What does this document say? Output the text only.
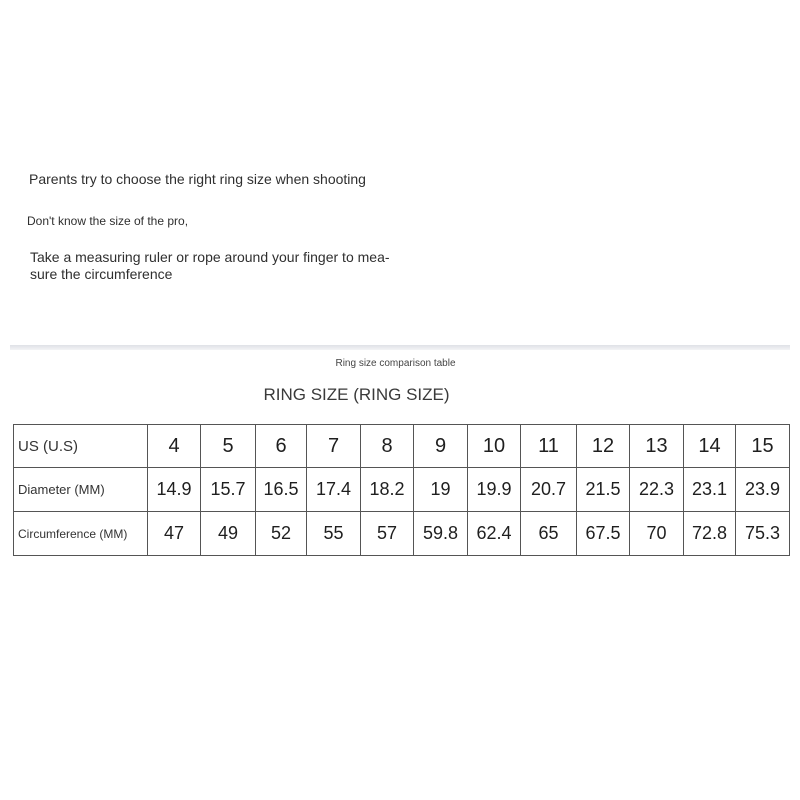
Parents try to choose the right ring size when shooting
Don't know the size of the pro,
Take a measuring ruler or rope around your finger to mea- sure the circumference
Ring size comparison table
RING SIZE (RING SIZE)
US (U.S)	4	5	6	7	8	9	10	11	12	13	14	15
Diameter (MM)	14.9	15.7	16.5	17.4	18.2	19	19.9	20.7	21.5	22.3	23.1	23.9
Circumference (MM)	47	49	52	55	57	59.8	62.4	65	67.5	70	72.8	75.3
